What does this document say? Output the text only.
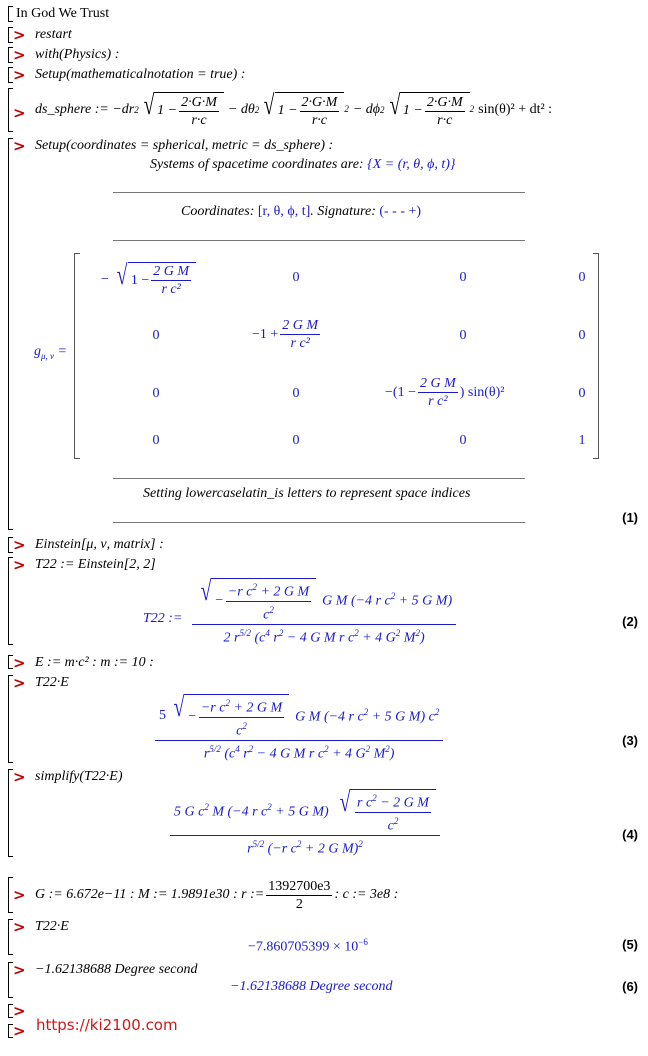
In God We Trust
> restart
> with(Physics) :
> Setup(mathematicalnotation = true) :
> ds_sphere := −dr 2 √ $1 - \frac{2\cdot G\cdot M}{r\cdot c} - d\theta$ 2 √ $1 - \frac{2\cdot G\cdot M}{r\cdot c} 2 - d\phi$ 2 √ $1 - \frac{2\cdot G\cdot M}{r\cdot c} 2$ sin(θ)² + dt² :
> Setup(coordinates = spherical, metric = ds_sphere) :
Systems of spacetime coordinates are: {X = (r, θ, ϕ, t)}
Coordinates: [r, θ, ϕ, t]. Signature: (- - - +)
$g_{\mu, \nu}$ =
− √ $1 - \frac{\text{2 G M}}{\text{r c²}}$	0	0	0
0	$-1 + \frac{\text{2 G M}}{\text{r c²}}$	0	0
0	0	−( $1 - \frac{\text{2 G M}}{\text{r c²}}$ ) sin(θ)²	0
0	0	0	1
Setting lowercaselatin_is letters to represent space indices
(1)
> Einstein[μ, ν, matrix] :
> T22 := Einstein[2, 2]
T22 :=
√ − $\frac{-r c^2 + 2 G M}{c^2}$ G M (−4 r $c^2 + 5$ G M)
2 $r^{5/2}$ ($c^4$ $r^2 - 4$ G M r $c^2 + 4$ $G^2$ $M^2$)
(2)
> E := m·c² : m := 10 :
> T22·E
5 √ − $\frac{-r c^2 + 2 G M}{c^2}$ G M (−4 r $c^2 + 5$ G M) $c^2$
$r^{5/2}$ ($c^4$ $r^2 - 4$ G M r $c^2 + 4$ $G^2$ $M^2$)
(3)
> simplify(T22·E)
5 G $c^2$ M (−4 r $c^2 + 5$ G M) √ $\frac{r c^2 - 2 G M}{c^2}$
$r^{5/2}$ (−r $c^2 + 2$ G M)$^2$
(4)
> G := 6.672e−11 : M := 1.9891e30 : r := $\frac{1392700e3}{2}$ : c := 3e8 :
> T22·E
$-7.860705399 \times 10^{-6}$	(5)
> −1.62138688 Degree second
−1.62138688 Degree second	(6)
>
> https://ki2100.com
